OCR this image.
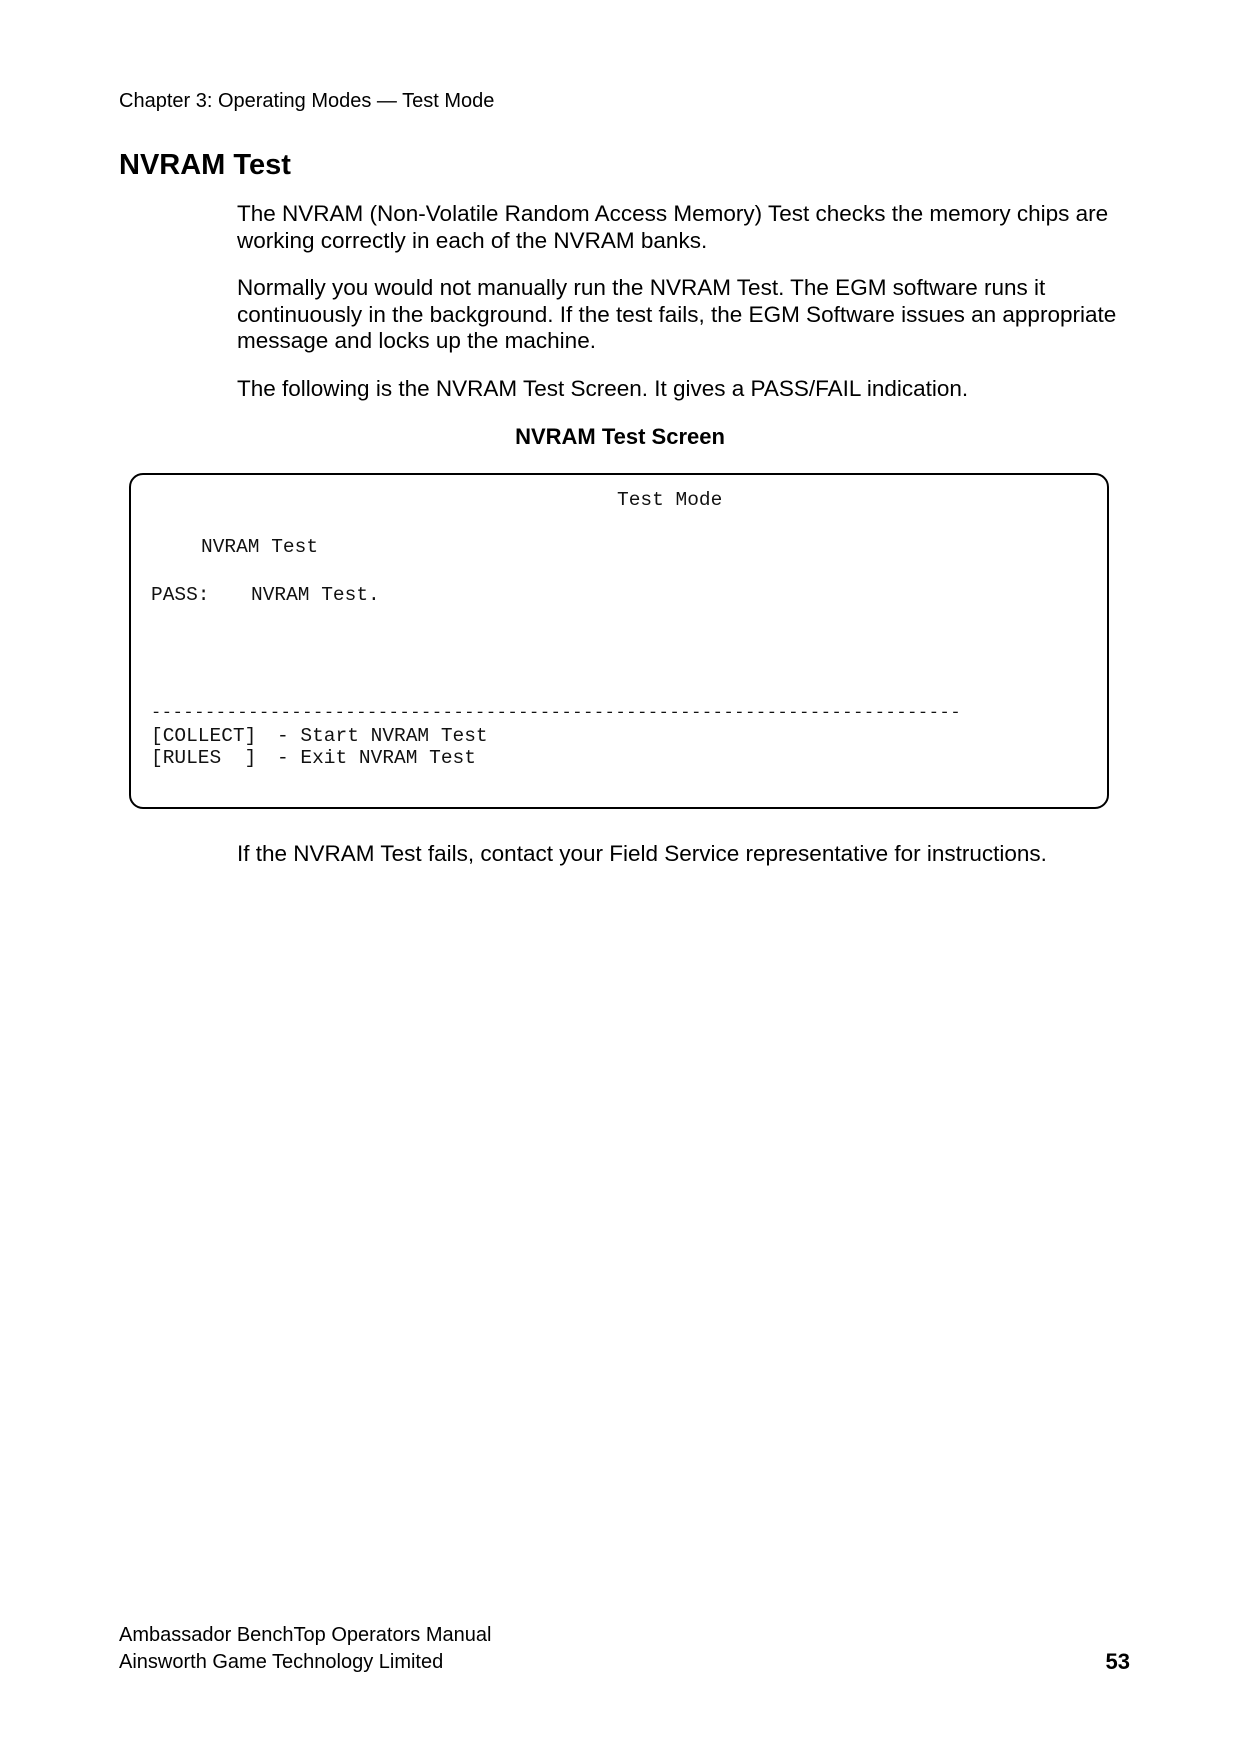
Chapter 3: Operating Modes — Test Mode
NVRAM Test

The NVRAM (Non-Volatile Random Access Memory) Test checks the memory chips are working correctly in each of the NVRAM banks.

Normally you would not manually run the NVRAM Test. The EGM software runs it continuously in the background. If the test fails, the EGM Software issues an appropriate message and locks up the machine.

The following is the NVRAM Test Screen. It gives a PASS/FAIL indication.

NVRAM Test Screen
Test Mode
NVRAM Test
PASS: NVRAM Test.
---------------------------------------------------------------------------
[COLLECT] - Start NVRAM Test
[RULES  ] - Exit NVRAM Test

If the NVRAM Test fails, contact your Field Service representative for instructions.

Ambassador BenchTop Operators Manual
Ainsworth Game Technology Limited	53
